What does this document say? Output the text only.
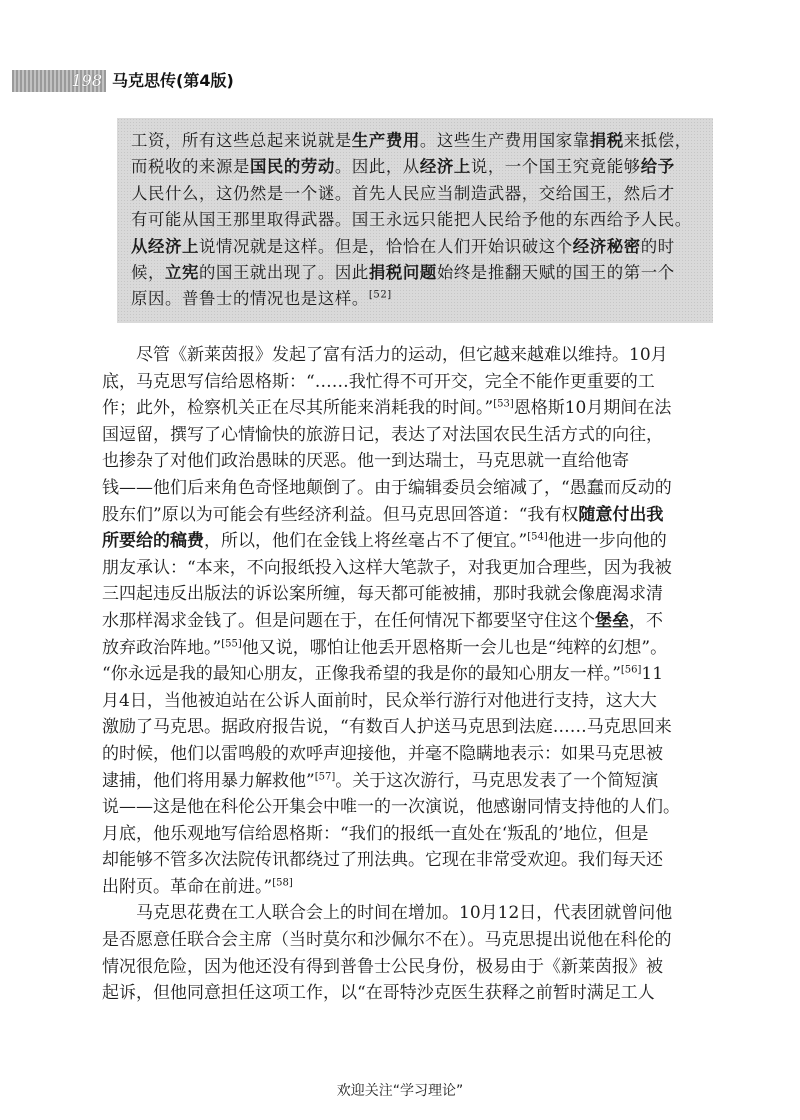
198 马克思传(第4版)
工资，所有这些总起来说就是生产费用。这些生产费用国家靠捐税来抵偿，
而税收的来源是国民的劳动。因此，从经济上说，一个国王究竟能够给予
人民什么，这仍然是一个谜。首先人民应当制造武器，交给国王，然后才
有可能从国王那里取得武器。国王永远只能把人民给予他的东西给予人民。
从经济上说情况就是这样。但是，恰恰在人们开始识破这个经济秘密的时
候，立宪的国王就出现了。因此捐税问题始终是推翻天赋的国王的第一个
原因。普鲁士的情况也是这样。[52]
尽管《新莱茵报》发起了富有活力的运动，但它越来越难以维持。10月
底，马克思写信给恩格斯：“……我忙得不可开交，完全不能作更重要的工
作；此外，检察机关正在尽其所能来消耗我的时间。”[53]恩格斯10月期间在法
国逗留，撰写了心情愉快的旅游日记，表达了对法国农民生活方式的向往，
也掺杂了对他们政治愚昧的厌恶。他一到达瑞士，马克思就一直给他寄
钱——他们后来角色奇怪地颠倒了。由于编辑委员会缩减了，“愚蠢而反动的
股东们”原以为可能会有些经济利益。但马克思回答道：“我有权随意付出我
所要给的稿费，所以，他们在金钱上将丝毫占不了便宜。”[54]他进一步向他的
朋友承认：“本来，不向报纸投入这样大笔款子，对我更加合理些，因为我被
三四起违反出版法的诉讼案所缠，每天都可能被捕，那时我就会像鹿渴求清
水那样渴求金钱了。但是问题在于，在任何情况下都要坚守住这个堡垒，不
放弃政治阵地。”[55]他又说，哪怕让他丢开恩格斯一会儿也是“纯粹的幻想”。
“你永远是我的最知心朋友，正像我希望的我是你的最知心朋友一样。”[56]11
月4日，当他被迫站在公诉人面前时，民众举行游行对他进行支持，这大大
激励了马克思。据政府报告说，“有数百人护送马克思到法庭……马克思回来
的时候，他们以雷鸣般的欢呼声迎接他，并毫不隐瞒地表示：如果马克思被
逮捕，他们将用暴力解救他”[57]。关于这次游行，马克思发表了一个简短演
说——这是他在科伦公开集会中唯一的一次演说，他感谢同情支持他的人们。
月底，他乐观地写信给恩格斯：“我们的报纸一直处在‘叛乱的’地位，但是
却能够不管多次法院传讯都绕过了刑法典。它现在非常受欢迎。我们每天还
出附页。革命在前进。”[58]
马克思花费在工人联合会上的时间在增加。10月12日，代表团就曾问他
是否愿意任联合会主席（当时莫尔和沙佩尔不在）。马克思提出说他在科伦的
情况很危险，因为他还没有得到普鲁士公民身份，极易由于《新莱茵报》被
起诉，但他同意担任这项工作，以“在哥特沙克医生获释之前暂时满足工人
欢迎关注“学习理论”
